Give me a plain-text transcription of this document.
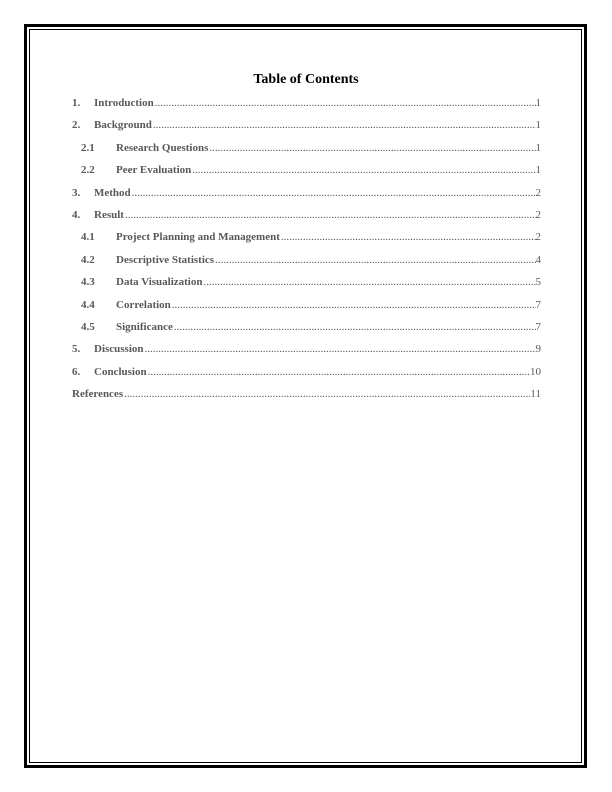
Table of Contents
1.	Introduction .....	1
2.	Background .....	1
2.1	Research Questions .....	1
2.2	Peer Evaluation .....	1
3.	Method .....	2
4.	Result .....	2
4.1	Project Planning and Management .....	2
4.2	Descriptive Statistics .....	4
4.3	Data Visualization .....	5
4.4	Correlation .....	7
4.5	Significance .....	7
5.	Discussion .....	9
6.	Conclusion .....	10
References .....	11
